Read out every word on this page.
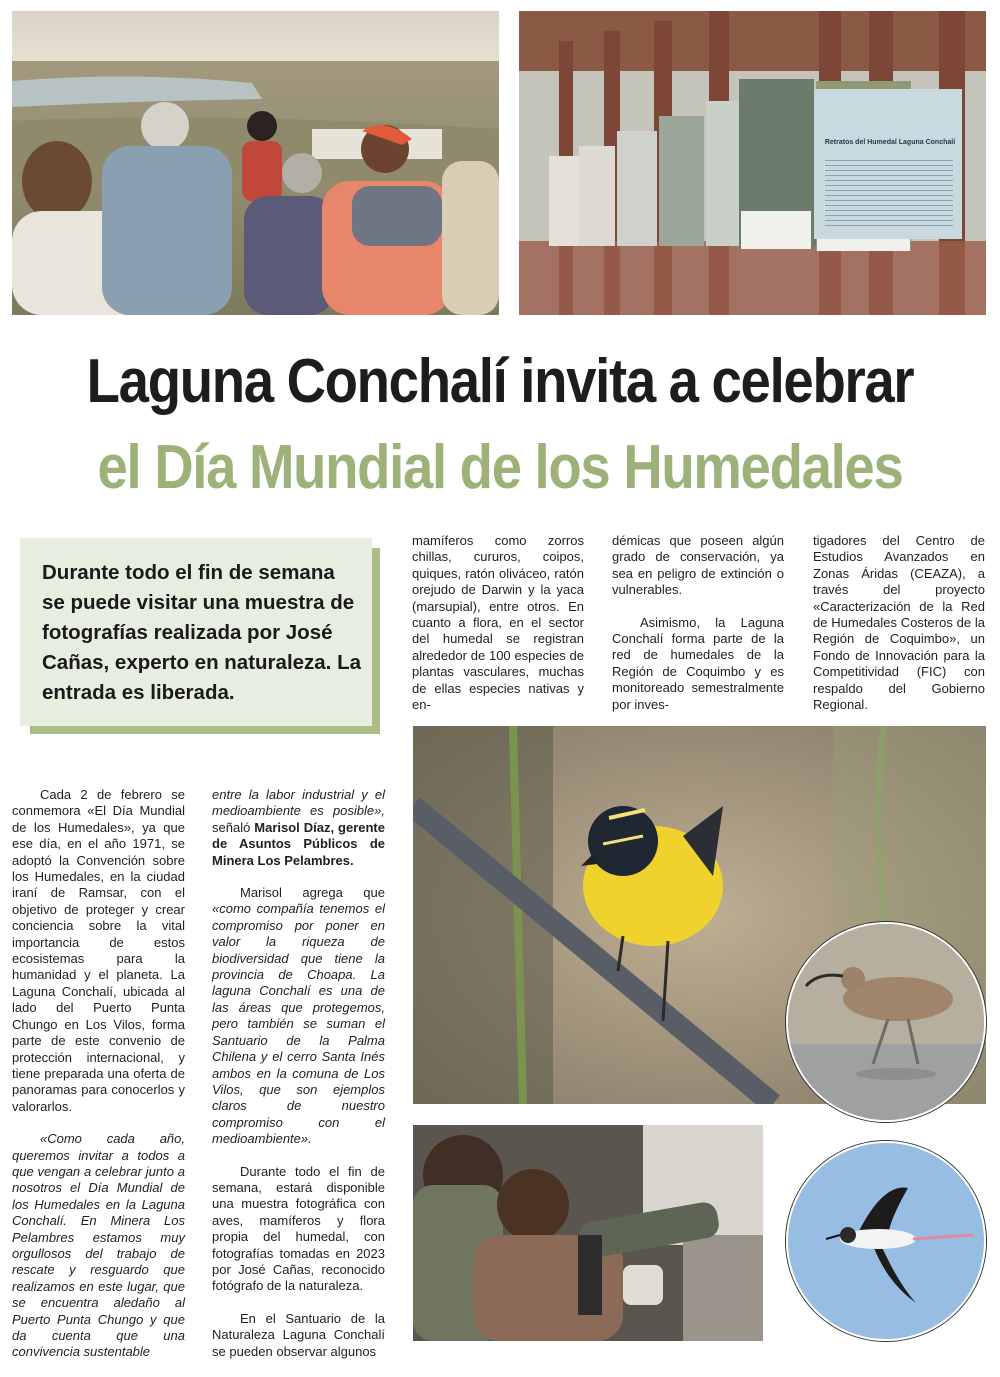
Retratos del Humedal Laguna Conchalí
Laguna Conchalí invita a celebrar
el Día Mundial de los Humedales
Durante todo el fin de semana se puede visitar una muestra de fotografías realizada por José Cañas, experto en naturaleza. La entrada es liberada.

mamíferos como zorros chillas, cururos, coipos, quiques, ratón oliváceo, ratón orejudo de Darwin y la yaca (marsupial), entre otros. En cuanto a flora, en el sector del humedal se registran alrededor de 100 especies de plantas vasculares, muchas de ellas especies nativas y en-

démicas que poseen algún grado de conservación, ya sea en peligro de extinción o vulnerables.

Asimismo, la Laguna Conchalí forma parte de la red de humedales de la Región de Coquimbo y es monitoreado semestralmente por inves-

tigadores del Centro de Estudios Avanzados en Zonas Áridas (CEAZA), a través del proyecto «Caracterización de la Red de Humedales Costeros de la Región de Coquimbo», un Fondo de Innovación para la Competitividad (FIC) con respaldo del Gobierno Regional.

Cada 2 de febrero se conmemora «El Día Mundial de los Humedales», ya que ese día, en el año 1971, se adoptó la Convención sobre los Humedales, en la ciudad iraní de Ramsar, con el objetivo de proteger y crear conciencia sobre la vital importancia de estos ecosistemas para la humanidad y el planeta. La Laguna Conchalí, ubicada al lado del Puerto Punta Chungo en Los Vilos, forma parte de este convenio de protección internacional, y tiene preparada una oferta de panoramas para conocerlos y valorarlos.

«Como cada año, queremos invitar a todos a que vengan a celebrar junto a nosotros el Día Mundial de los Humedales en la Laguna Conchalí. En Minera Los Pelambres estamos muy orgullosos del trabajo de rescate y resguardo que realizamos en este lugar, que se encuentra aledaño al Puerto Punta Chungo y que da cuenta que una convivencia sustentable

entre la labor industrial y el medioambiente es posible», señaló Marisol Díaz, gerente de Asuntos Públicos de Minera Los Pelambres.

Marisol agrega que «como compañía tenemos el compromiso por poner en valor la riqueza de biodiversidad que tiene la provincia de Choapa. La laguna Conchalí es una de las áreas que protegemos, pero también se suman el Santuario de la Palma Chilena y el cerro Santa Inés ambos en la comuna de Los Vilos, que son ejemplos claros de nuestro compromiso con el medioambiente».

Durante todo el fin de semana, estará disponible una muestra fotográfica con aves, mamíferos y flora propia del humedal, con fotografías tomadas en 2023 por José Cañas, reconocido fotógrafo de la naturaleza.

En el Santuario de la Naturaleza Laguna Conchalí se pueden observar algunos
